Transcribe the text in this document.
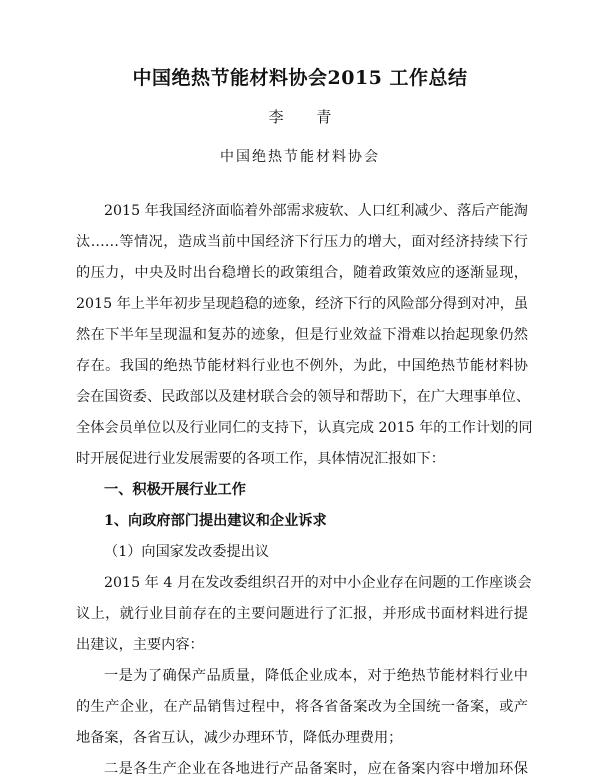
中国绝热节能材料协会2015 工作总结
李 青
中国绝热节能材料协会
2015 年我国经济面临着外部需求疲软、人口红利减少、落后产能淘
汰……等情况，造成当前中国经济下行压力的增大，面对经济持续下行
的压力，中央及时出台稳增长的政策组合，随着政策效应的逐渐显现，
2015 年上半年初步呈现趋稳的迹象，经济下行的风险部分得到对冲，虽
然在下半年呈现温和复苏的迹象，但是行业效益下滑难以抬起现象仍然
存在。我国的绝热节能材料行业也不例外，为此，中国绝热节能材料协
会在国资委、民政部以及建材联合会的领导和帮助下，在广大理事单位、
全体会员单位以及行业同仁的支持下，认真完成 2015 年的工作计划的同
时开展促进行业发展需要的各项工作，具体情况汇报如下：
一、积极开展行业工作
1、向政府部门提出建议和企业诉求
（1）向国家发改委提出议
2015 年 4 月在发改委组织召开的对中小企业存在问题的工作座谈会
议上，就行业目前存在的主要问题进行了汇报，并形成书面材料进行提
出建议，主要内容：
一是为了确保产品质量，降低企业成本，对于绝热节能材料行业中
的生产企业，在产品销售过程中，将各省备案改为全国统一备案，或产
地备案，各省互认，减少办理环节，降低办理费用；
二是各生产企业在各地进行产品备案时，应在备案内容中增加环保
